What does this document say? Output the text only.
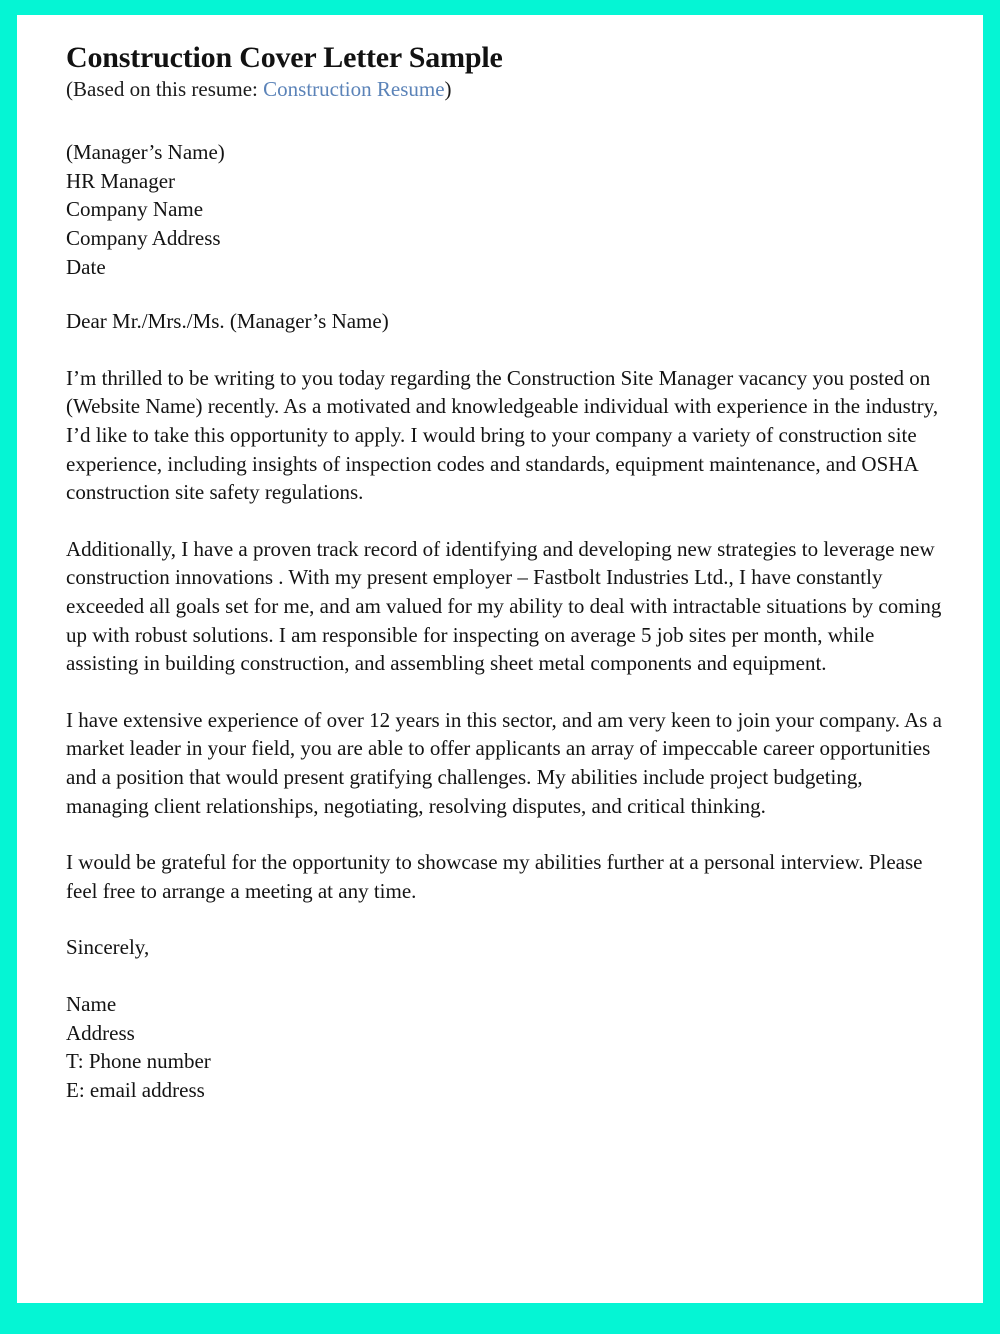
Construction Cover Letter Sample
(Based on this resume: Construction Resume)
(Manager’s Name)
HR Manager
Company Name
Company Address
Date
Dear Mr./Mrs./Ms. (Manager’s Name)

I’m thrilled to be writing to you today regarding the Construction Site Manager vacancy you posted on (Website Name) recently. As a motivated and knowledgeable individual with experience in the industry, I’d like to take this opportunity to apply. I would bring to your company a variety of construction site experience, including insights of inspection codes and standards, equipment maintenance, and OSHA construction site safety regulations.

Additionally, I have a proven track record of identifying and developing new strategies to leverage new construction innovations . With my present employer – Fastbolt Industries Ltd., I have constantly exceeded all goals set for me, and am valued for my ability to deal with intractable situations by coming up with robust solutions. I am responsible for inspecting on average 5 job sites per month, while assisting in building construction, and assembling sheet metal components and equipment.

I have extensive experience of over 12 years in this sector, and am very keen to join your company. As a market leader in your field, you are able to offer applicants an array of impeccable career opportunities and a position that would present gratifying challenges. My abilities include project budgeting, managing client relationships, negotiating, resolving disputes, and critical thinking.

I would be grateful for the opportunity to showcase my abilities further at a personal interview. Please feel free to arrange a meeting at any time.

Sincerely,
Name
Address
T: Phone number
E: email address
